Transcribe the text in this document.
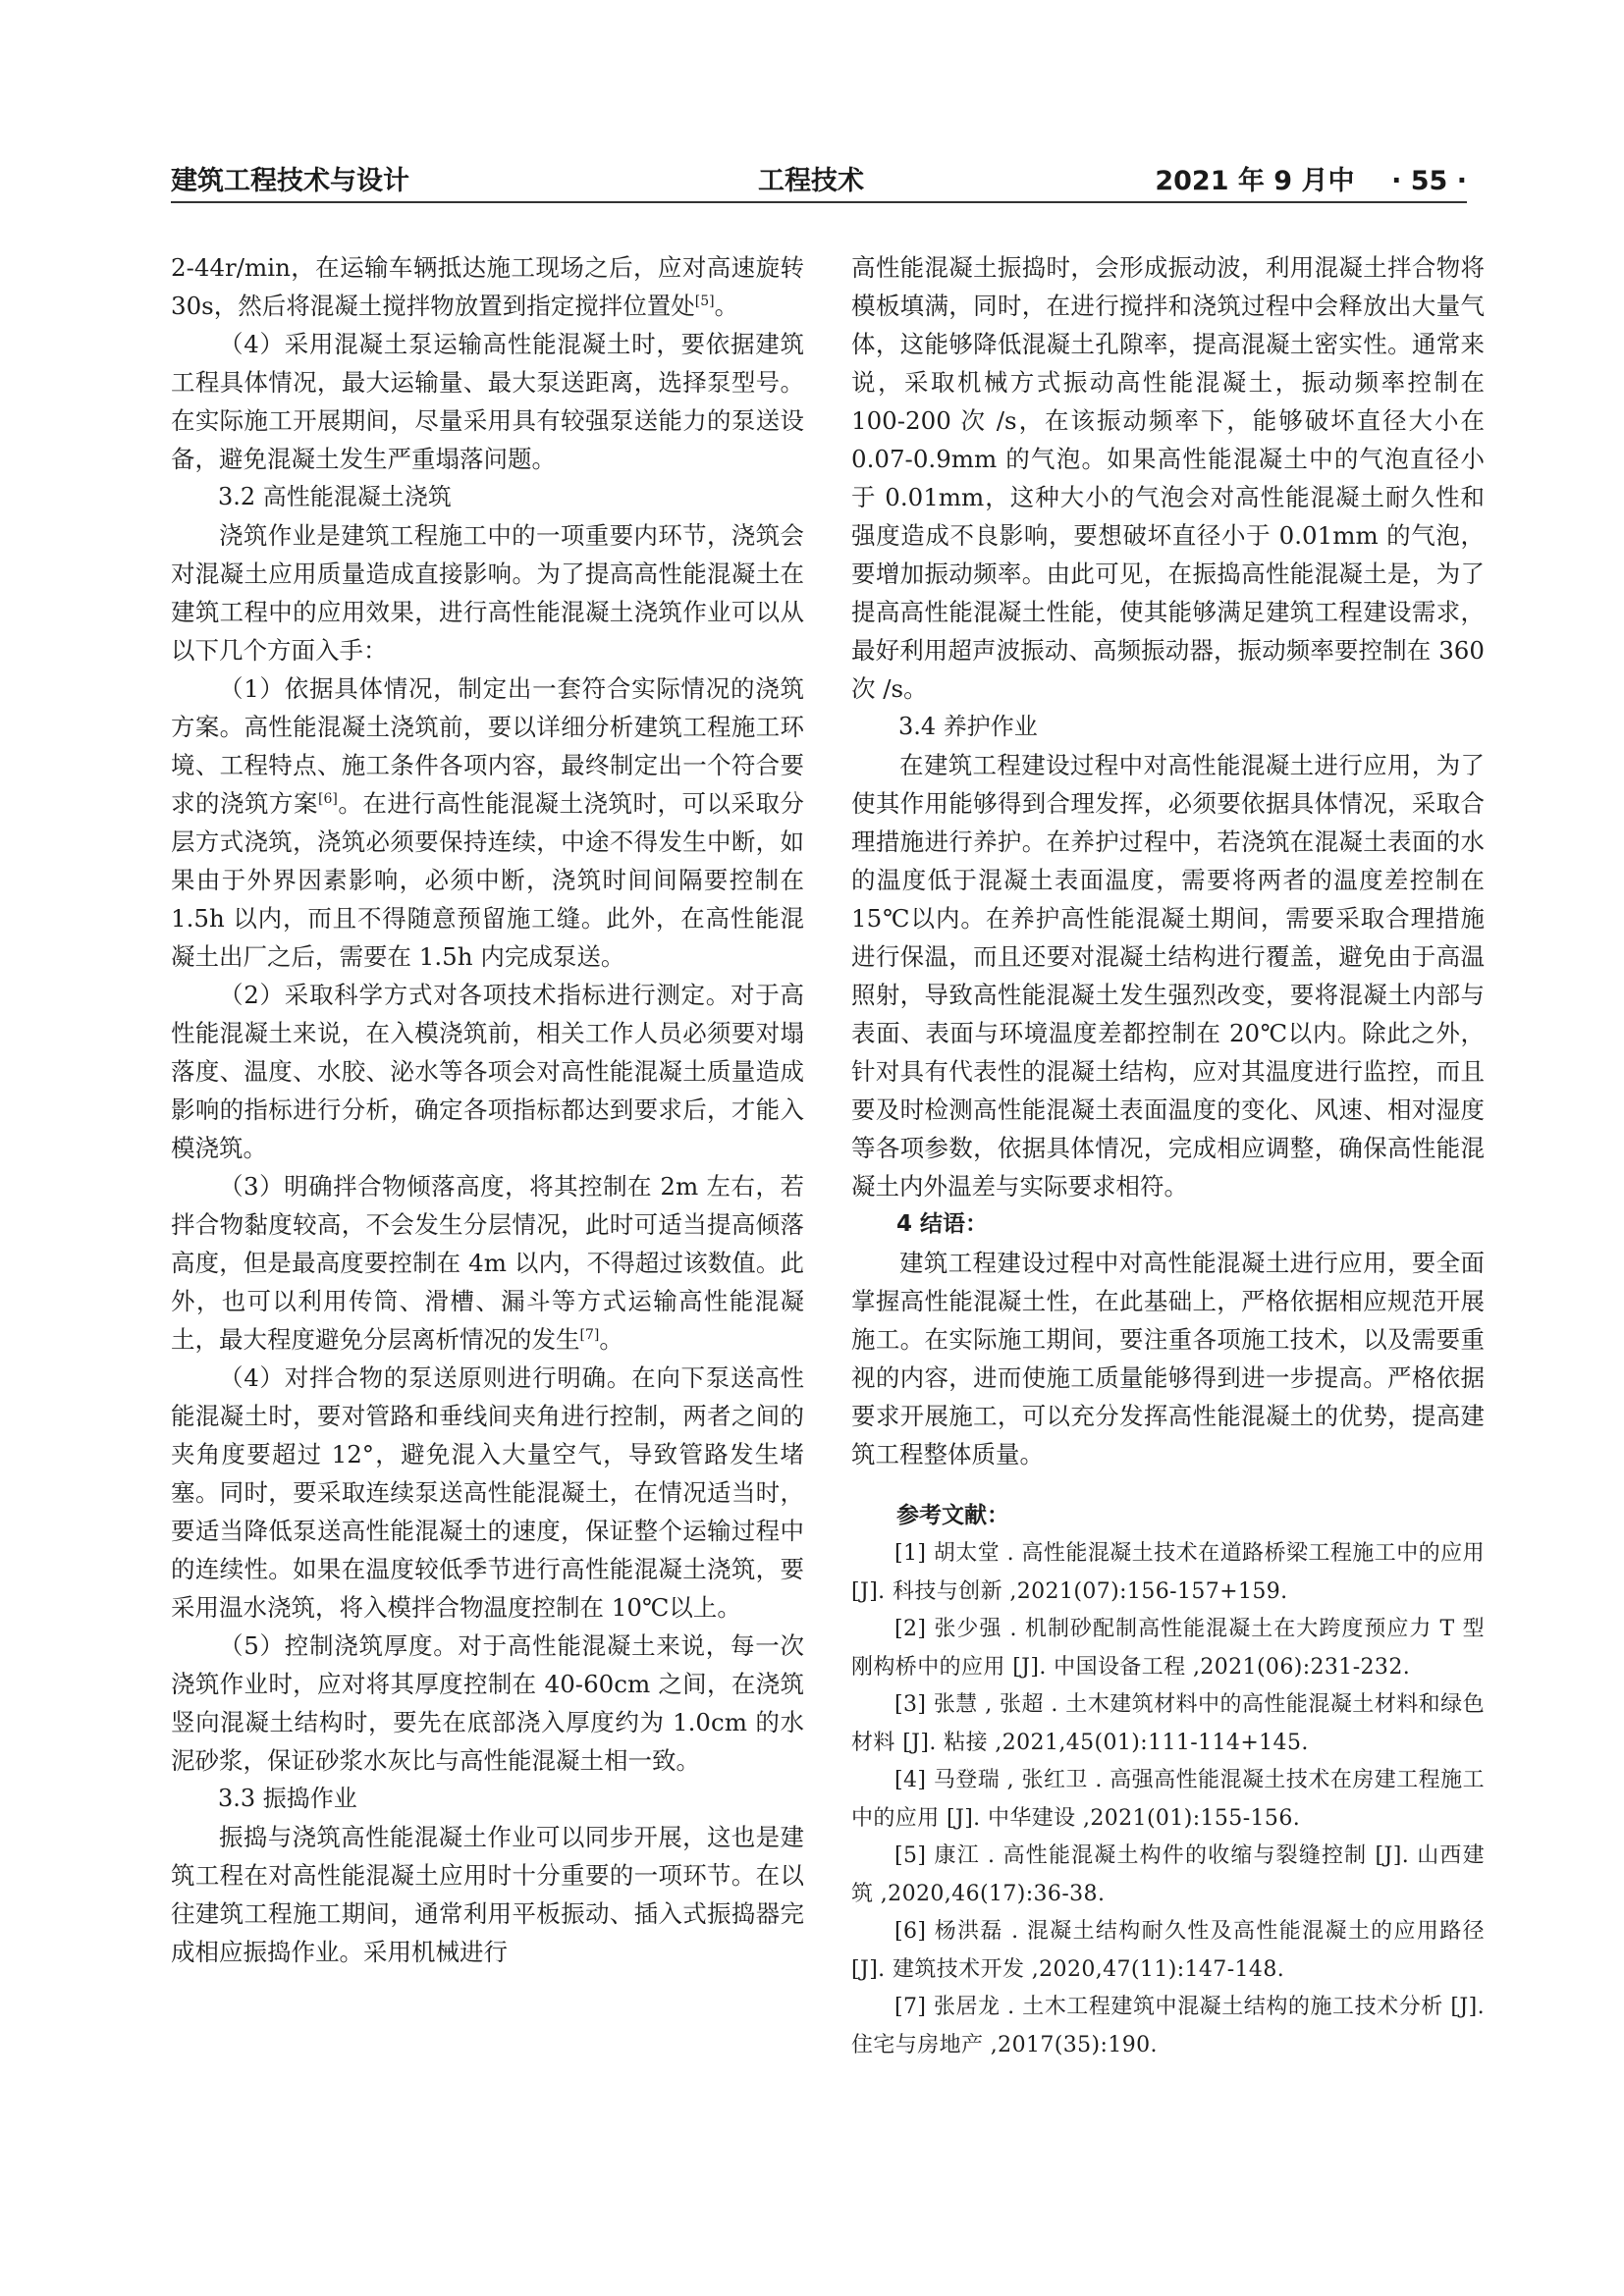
建筑工程技术与设计	工程技术	2021 年 9 月中 · 55 ·

2-44r/min，在运输车辆抵达施工现场之后，应对高速旋转 30s，然后将混凝土搅拌物放置到指定搅拌位置处[5]。

（4）采用混凝土泵运输高性能混凝土时，要依据建筑工程具体情况，最大运输量、最大泵送距离，选择泵型号。在实际施工开展期间，尽量采用具有较强泵送能力的泵送设备，避免混凝土发生严重塌落问题。

3.2 高性能混凝土浇筑

浇筑作业是建筑工程施工中的一项重要内环节，浇筑会对混凝土应用质量造成直接影响。为了提高高性能混凝土在建筑工程中的应用效果，进行高性能混凝土浇筑作业可以从以下几个方面入手：

（1）依据具体情况，制定出一套符合实际情况的浇筑方案。高性能混凝土浇筑前，要以详细分析建筑工程施工环境、工程特点、施工条件各项内容，最终制定出一个符合要求的浇筑方案[6]。在进行高性能混凝土浇筑时，可以采取分层方式浇筑，浇筑必须要保持连续，中途不得发生中断，如果由于外界因素影响，必须中断，浇筑时间间隔要控制在 1.5h 以内，而且不得随意预留施工缝。此外，在高性能混凝土出厂之后，需要在 1.5h 内完成泵送。

（2）采取科学方式对各项技术指标进行测定。对于高性能混凝土来说，在入模浇筑前，相关工作人员必须要对塌落度、温度、水胶、泌水等各项会对高性能混凝土质量造成影响的指标进行分析，确定各项指标都达到要求后，才能入模浇筑。

（3）明确拌合物倾落高度，将其控制在 2m 左右，若拌合物黏度较高，不会发生分层情况，此时可适当提高倾落高度，但是最高度要控制在 4m 以内，不得超过该数值。此外，也可以利用传筒、滑槽、漏斗等方式运输高性能混凝土，最大程度避免分层离析情况的发生[7]。

（4）对拌合物的泵送原则进行明确。在向下泵送高性能混凝土时，要对管路和垂线间夹角进行控制，两者之间的夹角度要超过 12°，避免混入大量空气，导致管路发生堵塞。同时，要采取连续泵送高性能混凝土，在情况适当时，要适当降低泵送高性能混凝土的速度，保证整个运输过程中的连续性。如果在温度较低季节进行高性能混凝土浇筑，要采用温水浇筑，将入模拌合物温度控制在 10℃以上。

（5）控制浇筑厚度。对于高性能混凝土来说，每一次浇筑作业时，应对将其厚度控制在 40-60cm 之间，在浇筑竖向混凝土结构时，要先在底部浇入厚度约为 1.0cm 的水泥砂浆，保证砂浆水灰比与高性能混凝土相一致。

3.3 振捣作业

振捣与浇筑高性能混凝土作业可以同步开展，这也是建筑工程在对高性能混凝土应用时十分重要的一项环节。在以往建筑工程施工期间，通常利用平板振动、插入式振捣器完成相应振捣作业。采用机械进行

高性能混凝土振捣时，会形成振动波，利用混凝土拌合物将模板填满，同时，在进行搅拌和浇筑过程中会释放出大量气体，这能够降低混凝土孔隙率，提高混凝土密实性。通常来说，采取机械方式振动高性能混凝土，振动频率控制在 100-200 次 /s，在该振动频率下，能够破坏直径大小在 0.07-0.9mm 的气泡。如果高性能混凝土中的气泡直径小于 0.01mm，这种大小的气泡会对高性能混凝土耐久性和强度造成不良影响，要想破坏直径小于 0.01mm 的气泡，要增加振动频率。由此可见，在振捣高性能混凝土是，为了提高高性能混凝土性能，使其能够满足建筑工程建设需求，最好利用超声波振动、高频振动器，振动频率要控制在 360 次 /s。

3.4 养护作业

在建筑工程建设过程中对高性能混凝土进行应用，为了使其作用能够得到合理发挥，必须要依据具体情况，采取合理措施进行养护。在养护过程中，若浇筑在混凝土表面的水的温度低于混凝土表面温度，需要将两者的温度差控制在 15℃以内。在养护高性能混凝土期间，需要采取合理措施进行保温，而且还要对混凝土结构进行覆盖，避免由于高温照射，导致高性能混凝土发生强烈改变，要将混凝土内部与表面、表面与环境温度差都控制在 20℃以内。除此之外，针对具有代表性的混凝土结构，应对其温度进行监控，而且要及时检测高性能混凝土表面温度的变化、风速、相对湿度等各项参数，依据具体情况，完成相应调整，确保高性能混凝土内外温差与实际要求相符。

4 结语：

建筑工程建设过程中对高性能混凝土进行应用，要全面掌握高性能混凝土性，在此基础上，严格依据相应规范开展施工。在实际施工期间，要注重各项施工技术，以及需要重视的内容，进而使施工质量能够得到进一步提高。严格依据要求开展施工，可以充分发挥高性能混凝土的优势，提高建筑工程整体质量。

参考文献：

[1] 胡太堂 . 高性能混凝土技术在道路桥梁工程施工中的应用 [J]. 科技与创新 ,2021(07):156-157+159.

[2] 张少强 . 机制砂配制高性能混凝土在大跨度预应力 T 型刚构桥中的应用 [J]. 中国设备工程 ,2021(06):231-232.

[3] 张慧 , 张超 . 土木建筑材料中的高性能混凝土材料和绿色材料 [J]. 粘接 ,2021,45(01):111-114+145.

[4] 马登瑞 , 张红卫 . 高强高性能混凝土技术在房建工程施工中的应用 [J]. 中华建设 ,2021(01):155-156.

[5] 康江 . 高性能混凝土构件的收缩与裂缝控制 [J]. 山西建筑 ,2020,46(17):36-38.

[6] 杨洪磊 . 混凝土结构耐久性及高性能混凝土的应用路径 [J]. 建筑技术开发 ,2020,47(11):147-148.

[7] 张居龙 . 土木工程建筑中混凝土结构的施工技术分析 [J]. 住宅与房地产 ,2017(35):190.
